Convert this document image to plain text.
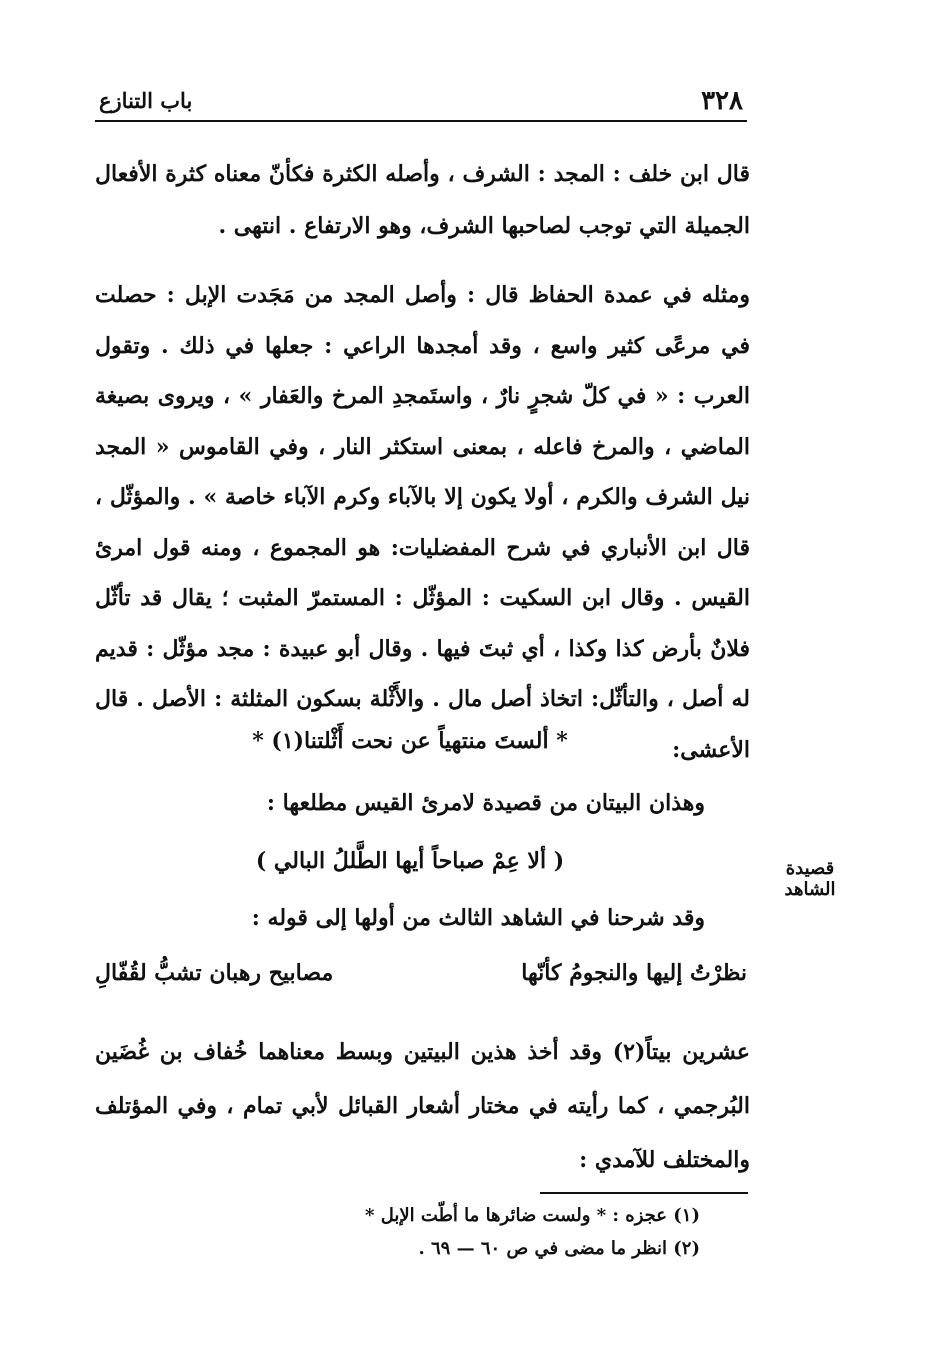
٣٢٨
باب التنازع
قال ابن خلف : المجد : الشرف ، وأصله الكثرة فكأنّ معناه كثرة الأفعال الجميلة التي توجب لصاحبها الشرف، وهو الارتفاع . انتهى .
ومثله في عمدة الحفاظ قال : وأصل المجد من مَجَدت الإبل : حصلت في مرعًى كثير واسع ، وقد أمجدها الراعي : جعلها في ذلك . وتقول العرب : « في كلّ شجرٍ نارٌ ، واستَمجدِ المرخ والعَفار » ، ويروى بصيغة الماضي ، والمرخ فاعله ، بمعنى استكثر النار ، وفي القاموس « المجد نيل الشرف والكرم ، أولا يكون إلا بالآباء وكرم الآباء خاصة » . والمؤثّل ، قال ابن الأنباري في شرح المفضليات: هو المجموع ، ومنه قول امرئ القيس . وقال ابن السكيت : المؤثّل : المستمرّ المثبت ؛ يقال قد تأثّل فلانٌ بأرض كذا وكذا ، أي ثبتَ فيها . وقال أبو عبيدة : مجد مؤثّل : قديم له أصل ، والتأثّل: اتخاذ أصل مال . والأَثْلة بسكون المثلثة : الأصل . قال الأعشى:
* ألستَ منتهياً عن نحت أَثْلتنا(١) *
وهذان البيتان من قصيدة لامرئ القيس مطلعها :
( ألا عِمْ صباحاً أيها الطَّللُ البالي )	قصيدة الشاهد
وقد شرحنا في الشاهد الثالث من أولها إلى قوله :
نظرْتُ إليها والنجومُ كأنّها
مصابيح رهبان تشبُّ لقُفّالِ
عشرين بيتاً(٢) وقد أخذ هذين البيتين وبسط معناهما خُفاف بن غُضَين البُرجمي ، كما رأيته في مختار أشعار القبائل لأبي تمام ، وفي المؤتلف والمختلف للآمدي :
(١) عجزه : * ولست ضائرها ما أطّت الإبل *
(٢) انظر ما مضى في ص ٦٠ — ٦٩ .
